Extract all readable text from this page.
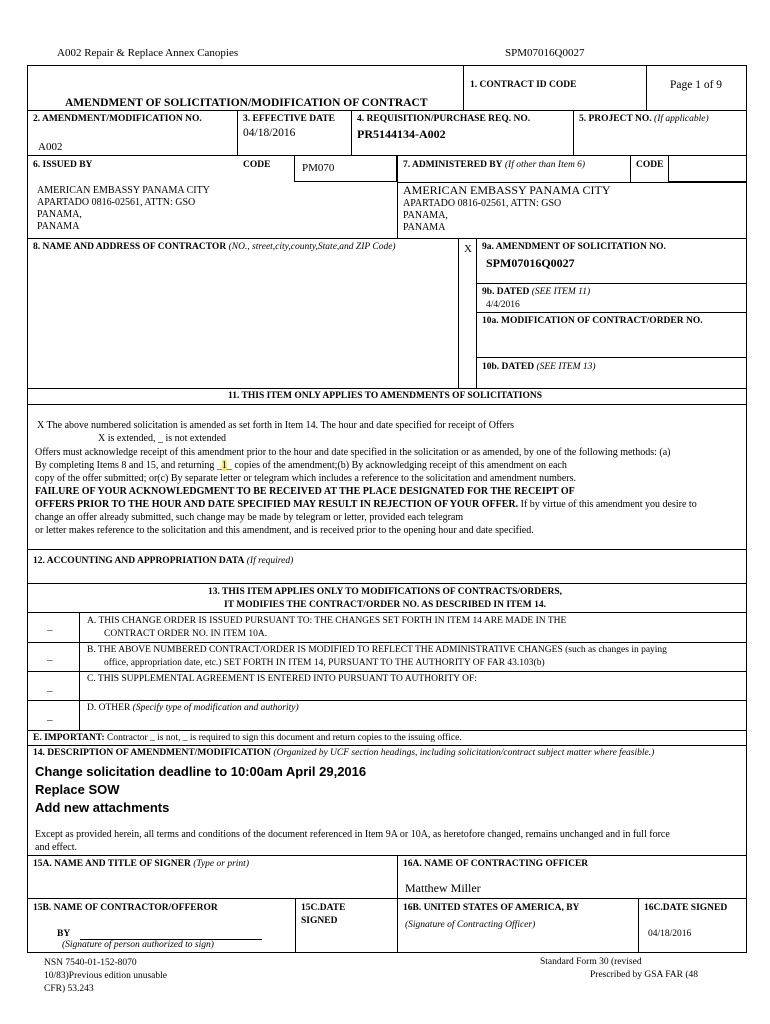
A002 Repair & Replace Annex Canopies	SPM07016Q0027
1. CONTRACT ID CODE	Page 1 of 9
AMENDMENT OF SOLICITATION/MODIFICATION OF CONTRACT
2. AMENDMENT/MODIFICATION NO.
A002
3. EFFECTIVE DATE
04/18/2016
4. REQUISITION/PURCHASE REQ. NO.
PR5144134-A002
5. PROJECT NO. (If applicable)
6. ISSUED BY	CODE	PM070	7. ADMINISTERED BY (If other than Item 6)	CODE
AMERICAN EMBASSY PANAMA CITY
APARTADO 0816-02561, ATTN: GSO
PANAMA,
PANAMA
AMERICAN EMBASSY PANAMA CITY
APARTADO 0816-02561, ATTN: GSO
PANAMA,
PANAMA
8. NAME AND ADDRESS OF CONTRACTOR (NO., street,city,county,State,and ZIP Code)	X 9a. AMENDMENT OF SOLICITATION NO.
SPM07016Q0027
9b. DATED (SEE ITEM 11)
4/4/2016
10a. MODIFICATION OF CONTRACT/ORDER NO.
10b. DATED (SEE ITEM 13)
11. THIS ITEM ONLY APPLIES TO AMENDMENTS OF SOLICITATIONS
X The above numbered solicitation is amended as set forth in Item 14. The hour and date specified for receipt of Offers
X is extended, _ is not extended
Offers must acknowledge receipt of this amendment prior to the hour and date specified in the solicitation or as amended, by one of the following methods: (a)
By completing Items 8 and 15, and returning _1_ copies of the amendment;(b) By acknowledging receipt of this amendment on each
copy of the offer submitted; or(c) By separate letter or telegram which includes a reference to the solicitation and amendment numbers.
FAILURE OF YOUR ACKNOWLEDGMENT TO BE RECEIVED AT THE PLACE DESIGNATED FOR THE RECEIPT OF
OFFERS PRIOR TO THE HOUR AND DATE SPECIFIED MAY RESULT IN REJECTION OF YOUR OFFER. If by virtue of this amendment you desire to
change an offer already submitted, such change may be made by telegram or letter, provided each telegram
or letter makes reference to the solicitation and this amendment, and is received prior to the opening hour and date specified.
12. ACCOUNTING AND APPROPRIATION DATA (If required)
13. THIS ITEM APPLIES ONLY TO MODIFICATIONS OF CONTRACTS/ORDERS,
IT MODIFIES THE CONTRACT/ORDER NO. AS DESCRIBED IN ITEM 14.
_	A. THIS CHANGE ORDER IS ISSUED PURSUANT TO: THE CHANGES SET FORTH IN ITEM 14 ARE MADE IN THE
CONTRACT ORDER NO. IN ITEM 10A.
_	B. THE ABOVE NUMBERED CONTRACT/ORDER IS MODIFIED TO REFLECT THE ADMINISTRATIVE CHANGES (such as changes in paying
office, appropriation date, etc.) SET FORTH IN ITEM 14, PURSUANT TO THE AUTHORITY OF FAR 43.103(b)
_
C. THIS SUPPLEMENTAL AGREEMENT IS ENTERED INTO PURSUANT TO AUTHORITY OF:
_
D. OTHER (Specify type of modification and authority)
E. IMPORTANT: Contractor _ is not, _ is required to sign this document and return copies to the issuing office.
14. DESCRIPTION OF AMENDMENT/MODIFICATION (Organized by UCF section headings, including solicitation/contract subject matter where feasible.)
Change solicitation deadline to 10:00am April 29,2016
Replace SOW
Add new attachments
Except as provided herein, all terms and conditions of the document referenced in Item 9A or 10A, as heretofore changed, remains unchanged and in full force
and effect.
15A. NAME AND TITLE OF SIGNER (Type or print)	16A. NAME OF CONTRACTING OFFICER
Matthew Miller
15B. NAME OF CONTRACTOR/OFFEROR
BY
(Signature of person authorized to sign)
15C.DATE
SIGNED
16B. UNITED STATES OF AMERICA, BY
(Signature of Contracting Officer)
16C.DATE SIGNED
04/18/2016
NSN 7540-01-152-8070
10/83)Previous edition unusable
CFR) 53.243
Standard Form 30 (revised
Prescribed by GSA FAR (48
